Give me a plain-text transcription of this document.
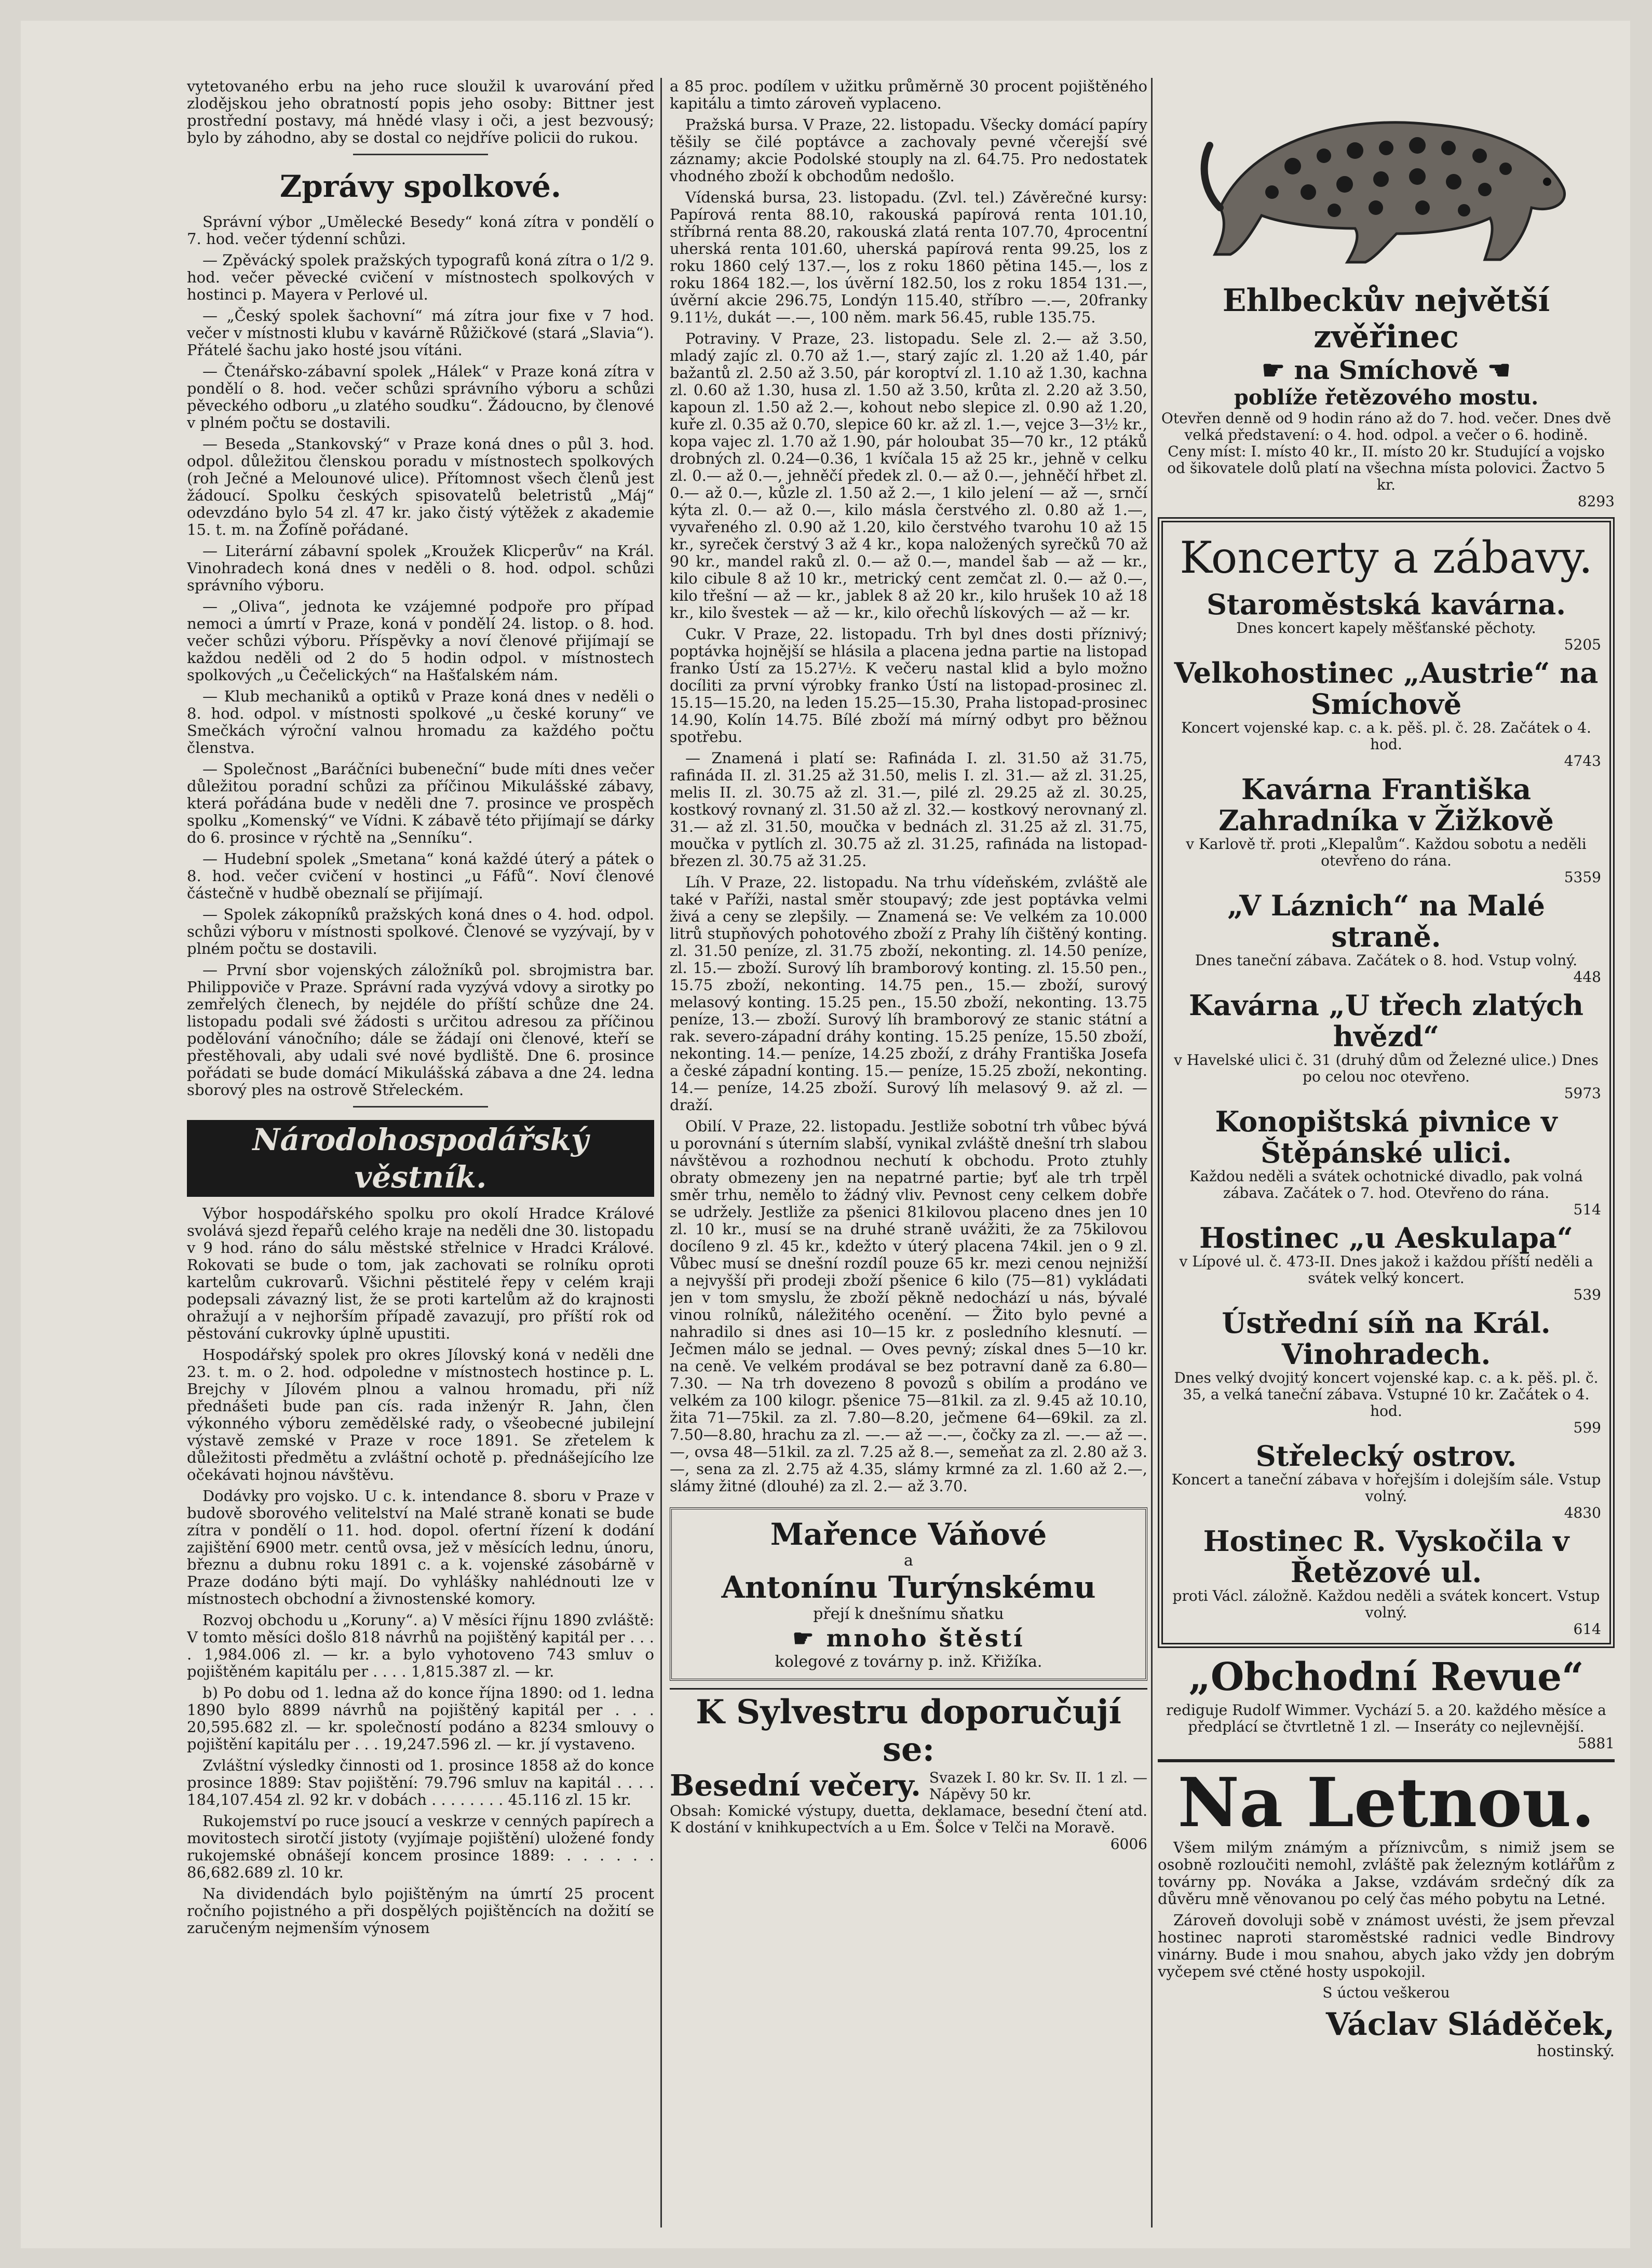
vytetovaného erbu na jeho ruce sloužil k uvarování před zlodějskou jeho obratností popis jeho osoby: Bittner jest prostřední postavy, má hnědé vlasy i oči, a jest bezvousý; bylo by záhodno, aby se dostal co nejdříve policii do rukou.

Zprávy spolkové.

Správní výbor „Umělecké Besedy“ koná zítra v pondělí o 7. hod. večer týdenní schůzi.

— Zpěvácký spolek pražských typografů koná zítra o 1/2 9. hod. večer pěvecké cvičení v místnostech spolkových v hostinci p. Mayera v Perlové ul.

— „Český spolek šachovní“ má zítra jour fixe v 7 hod. večer v místnosti klubu v kavárně Růžičkové (stará „Slavia“). Přátelé šachu jako hosté jsou vítáni.

— Čtenářsko-zábavní spolek „Hálek“ v Praze koná zítra v pondělí o 8. hod. večer schůzi správního výboru a schůzi pěveckého odboru „u zlatého soudku“. Žádoucno, by členové v plném počtu se dostavili.

— Beseda „Stankovský“ v Praze koná dnes o půl 3. hod. odpol. důležitou členskou poradu v místnostech spolkových (roh Ječné a Melounové ulice). Přítomnost všech členů jest žádoucí. Spolku českých spisovatelů beletristů „Máj“ odevzdáno bylo 54 zl. 47 kr. jako čistý výtěžek z akademie 15. t. m. na Žofíně pořádané.

— Literární zábavní spolek „Kroužek Klicperův“ na Král. Vinohradech koná dnes v neděli o 8. hod. odpol. schůzi správního výboru.

— „Oliva“, jednota ke vzájemné podpoře pro případ nemoci a úmrtí v Praze, koná v pondělí 24. listop. o 8. hod. večer schůzi výboru. Příspěvky a noví členové přijímají se každou neděli od 2 do 5 hodin odpol. v místnostech spolkových „u Čečelických“ na Hašťalském nám.

— Klub mechaniků a optiků v Praze koná dnes v neděli o 8. hod. odpol. v místnosti spolkové „u české koruny“ ve Smečkách výroční valnou hromadu za každého počtu členstva.

— Společnost „Baráčníci bubeneční“ bude míti dnes večer důležitou poradní schůzi za příčinou Mikulášské zábavy, která pořádána bude v neděli dne 7. prosince ve prospěch spolku „Komenský“ ve Vídni. K zábavě této přijímají se dárky do 6. prosince v rýchtě na „Senníku“.

— Hudební spolek „Smetana“ koná každé úterý a pátek o 8. hod. večer cvičení v hostinci „u Fáfů“. Noví členové částečně v hudbě obeznalí se přijímají.

— Spolek zákopníků pražských koná dnes o 4. hod. odpol. schůzi výboru v místnosti spolkové. Členové se vyzývají, by v plném počtu se dostavili.

— První sbor vojenských záložníků pol. sbrojmistra bar. Philippoviče v Praze. Správní rada vyzývá vdovy a sirotky po zemřelých členech, by nejdéle do příští schůze dne 24. listopadu podali své žádosti s určitou adresou za příčinou podělování vánočního; dále se žádají oni členové, kteří se přestěhovali, aby udali své nové bydliště. Dne 6. prosince pořádati se bude domácí Mikulášská zábava a dne 24. ledna sborový ples na ostrově Střeleckém.

Národohospodářský věstník.

Výbor hospodářského spolku pro okolí Hradce Králové svolává sjezd řepařů celého kraje na neděli dne 30. listopadu v 9 hod. ráno do sálu městské střelnice v Hradci Králové. Rokovati se bude o tom, jak zachovati se rolníku oproti kartelům cukrovarů. Všichni pěstitelé řepy v celém kraji podepsali závazný list, že se proti kartelům až do krajnosti ohražují a v nejhorším případě zavazují, pro příští rok od pěstování cukrovky úplně upustiti.

Hospodářský spolek pro okres Jílovský koná v neděli dne 23. t. m. o 2. hod. odpoledne v místnostech hostince p. L. Brejchy v Jílovém plnou a valnou hromadu, při níž přednášeti bude pan cís. rada inženýr R. Jahn, člen výkonného výboru zemědělské rady, o všeobecné jubilejní výstavě zemské v Praze v roce 1891. Se zřetelem k důležitosti předmětu a zvláštní ochotě p. přednášejícího lze očekávati hojnou návštěvu.

Dodávky pro vojsko. U c. k. intendance 8. sboru v Praze v budově sborového velitelství na Malé straně konati se bude zítra v pondělí o 11. hod. dopol. ofertní řízení k dodání zajištění 6900 metr. centů ovsa, jež v měsících lednu, únoru, březnu a dubnu roku 1891 c. a k. vojenské zásobárně v Praze dodáno býti mají. Do vyhlášky nahlédnouti lze v místnostech obchodní a živnostenské komory.

Rozvoj obchodu u „Koruny“. a) V měsíci říjnu 1890 zvláště: V tomto měsíci došlo 818 návrhů na pojištěný kapitál per . . . . 1,984.006 zl. — kr. a bylo vyhotoveno 743 smluv o pojištěném kapitálu per . . . . 1,815.387 zl. — kr.

b) Po dobu od 1. ledna až do konce října 1890: od 1. ledna 1890 bylo 8899 návrhů na pojištěný kapitál per . . . 20,595.682 zl. — kr. společností podáno a 8234 smlouvy o pojištění kapitálu per . . . 19,247.596 zl. — kr. jí vystaveno.

Zvláštní výsledky činnosti od 1. prosince 1858 až do konce prosince 1889: Stav pojištění: 79.796 smluv na kapitál . . . . 184,107.454 zl. 92 kr. v dobách . . . . . . . . 45.116 zl. 15 kr.

Rukojemství po ruce jsoucí a veskrze v cenných papírech a movitostech sirotčí jistoty (vyjímaje pojištění) uložené fondy rukojemské obnášejí koncem prosince 1889: . . . . . . 86,682.689 zl. 10 kr.

Na dividendách bylo pojištěným na úmrtí 25 procent ročního pojistného a při dospělých pojištěncích na dožití se zaručeným nejmenším výnosem

a 85 proc. podílem v užitku průměrně 30 procent pojištěného kapitálu a timto zároveň vyplaceno.

Pražská bursa. V Praze, 22. listopadu. Všecky domácí papíry těšily se čilé poptávce a zachovaly pevné včerejší své záznamy; akcie Podolské stouply na zl. 64.75. Pro nedostatek vhodného zboží k obchodům nedošlo.

Vídenská bursa, 23. listopadu. (Zvl. tel.) Závěrečné kursy: Papírová renta 88.10, rakouská papírová renta 101.10, stříbrná renta 88.20, rakouská zlatá renta 107.70, 4procentní uherská renta 101.60, uherská papírová renta 99.25, los z roku 1860 celý 137.—, los z roku 1860 pětina 145.—, los z roku 1864 182.—, los úvěrní 182.50, los z roku 1854 131.—, úvěrní akcie 296.75, Londýn 115.40, stříbro —.—, 20franky 9.11½, dukát —.—, 100 něm. mark 56.45, ruble 135.75.

Potraviny. V Praze, 23. listopadu. Sele zl. 2.— až 3.50, mladý zajíc zl. 0.70 až 1.—, starý zajíc zl. 1.20 až 1.40, pár bažantů zl. 2.50 až 3.50, pár koroptví zl. 1.10 až 1.30, kachna zl. 0.60 až 1.30, husa zl. 1.50 až 3.50, krůta zl. 2.20 až 3.50, kapoun zl. 1.50 až 2.—, kohout nebo slepice zl. 0.90 až 1.20, kuře zl. 0.35 až 0.70, slepice 60 kr. až zl. 1.—, vejce 3—3½ kr., kopa vajec zl. 1.70 až 1.90, pár holoubat 35—70 kr., 12 ptáků drobných zl. 0.24—0.36, 1 kvíčala 15 až 25 kr., jehně v celku zl. 0.— až 0.—, jehněčí předek zl. 0.— až 0.—, jehněčí hřbet zl. 0.— až 0.—, kůzle zl. 1.50 až 2.—, 1 kilo jelení — až —, srnčí kýta zl. 0.— až 0.—, kilo másla čerstvého zl. 0.80 až 1.—, vyvařeného zl. 0.90 až 1.20, kilo čerstvého tvarohu 10 až 15 kr., syreček čerstvý 3 až 4 kr., kopa naložených syrečků 70 až 90 kr., mandel raků zl. 0.— až 0.—, mandel šab — až — kr., kilo cibule 8 až 10 kr., metrický cent zemčat zl. 0.— až 0.—, kilo třešní — až — kr., jablek 8 až 20 kr., kilo hrušek 10 až 18 kr., kilo švestek — až — kr., kilo ořechů lískových — až — kr.

Cukr. V Praze, 22. listopadu. Trh byl dnes dosti příznivý; poptávka hojnější se hlásila a placena jedna partie na listopad franko Ústí za 15.27½. K večeru nastal klid a bylo možno docíliti za první výrobky franko Ústí na listopad-prosinec zl. 15.15—15.20, na leden 15.25—15.30, Praha listopad-prosinec 14.90, Kolín 14.75. Bílé zboží má mírný odbyt pro běžnou spotřebu.

— Znamená i platí se: Rafináda I. zl. 31.50 až 31.75, rafináda II. zl. 31.25 až 31.50, melis I. zl. 31.— až zl. 31.25, melis II. zl. 30.75 až zl. 31.—, pilé zl. 29.25 až zl. 30.25, kostkový rovnaný zl. 31.50 až zl. 32.— kostkový nerovnaný zl. 31.— až zl. 31.50, moučka v bednách zl. 31.25 až zl. 31.75, moučka v pytlích zl. 30.75 až zl. 31.25, rafináda na listopad-březen zl. 30.75 až 31.25.

Líh. V Praze, 22. listopadu. Na trhu vídeňském, zvláště ale také v Paříži, nastal směr stoupavý; zde jest poptávka velmi živá a ceny se zlepšily. — Znamená se: Ve velkém za 10.000 litrů stupňových pohotového zboží z Prahy líh čištěný konting. zl. 31.50 peníze, zl. 31.75 zboží, nekonting. zl. 14.50 peníze, zl. 15.— zboží. Surový líh bramborový konting. zl. 15.50 pen., 15.75 zboží, nekonting. 14.75 pen., 15.— zboží, surový melasový konting. 15.25 pen., 15.50 zboží, nekonting. 13.75 peníze, 13.— zboží. Surový líh bramborový ze stanic státní a rak. severo-západní dráhy konting. 15.25 peníze, 15.50 zboží, nekonting. 14.— peníze, 14.25 zboží, z dráhy Františka Josefa a české západní konting. 15.— peníze, 15.25 zboží, nekonting. 14.— peníze, 14.25 zboží. Surový líh melasový 9. až zl. — draží.

Obilí. V Praze, 22. listopadu. Jestliže sobotní trh vůbec bývá u porovnání s úterním slabší, vynikal zvláště dnešní trh slabou návštěvou a rozhodnou nechutí k obchodu. Proto ztuhly obraty obmezeny jen na nepatrné partie; byť ale trh trpěl směr trhu, nemělo to žádný vliv. Pevnost ceny celkem dobře se udržely. Jestliže za pšenici 81kilovou placeno dnes jen 10 zl. 10 kr., musí se na druhé straně uvážiti, že za 75kilovou docíleno 9 zl. 45 kr., kdežto v úterý placena 74kil. jen o 9 zl. Vůbec musí se dnešní rozdíl pouze 65 kr. mezi cenou nejnižší a nejvyšší při prodeji zboží pšenice 6 kilo (75—81) vykládati jen v tom smyslu, že zboží pěkně nedochází u nás, bývalé vinou rolníků, náležitého ocenění. — Žito bylo pevné a nahradilo si dnes asi 10—15 kr. z posledního klesnutí. — Ječmen málo se jednal. — Oves pevný; získal dnes 5—10 kr. na ceně. Ve velkém prodával se bez potravní daně za 6.80—7.30. — Na trh dovezeno 8 povozů s obilím a prodáno ve velkém za 100 kilogr. pšenice 75—81kil. za zl. 9.45 až 10.10, žita 71—75kil. za zl. 7.80—8.20, ječmene 64—69kil. za zl. 7.50—8.80, hrachu za zl. —.— až —.—, čočky za zl. —.— až —.—, ovsa 48—51kil. za zl. 7.25 až 8.—, semeňat za zl. 2.80 až 3.—, sena za zl. 2.75 až 4.35, slámy krmné za zl. 1.60 až 2.—, slámy žitné (dlouhé) za zl. 2.— až 3.70.

Mařence Váňové
a
Antonínu Turýnskému
přejí k dnešnímu sňatku
☛ mnoho štěstí
kolegové z továrny p. inž. Křižíka.
K Sylvestru doporučují se:
Besední večery. Svazek I. 80 kr. Sv. II. 1 zl. — Nápěvy 50 kr.
Obsah: Komické výstupy, duetta, deklamace, besední čtení atd. K dostání v knihkupectvích a u Em. Šolce v Telči na Moravě.
6006
Ehlbeckův největší zvěřinec
☛ na Smíchově ☚
poblíže řetězového mostu.
Otevřen denně od 9 hodin ráno až do 7. hod. večer. Dnes dvě velká představení: o 4. hod. odpol. a večer o 6. hodině.
Ceny míst: I. místo 40 kr., II. místo 20 kr. Studující a vojsko od šikovatele dolů platí na všechna místa polovici. Žactvo 5 kr.
8293
Koncerty a zábavy.
Staroměstská kavárna.
Dnes koncert kapely měšťanské pěchoty.
5205
Velkohostinec „Austrie“ na Smíchově
Koncert vojenské kap. c. a k. pěš. pl. č. 28. Začátek o 4. hod.
4743
Kavárna Františka Zahradníka v Žižkově
v Karlově tř. proti „Klepalům“. Každou sobotu a neděli otevřeno do rána.
5359
„V Láznich“ na Malé straně.
Dnes taneční zábava. Začátek o 8. hod. Vstup volný.
448
Kavárna „U třech zlatých hvězd“
v Havelské ulici č. 31 (druhý dům od Železné ulice.) Dnes po celou noc otevřeno.
5973
Konopištská pivnice v Štěpánské ulici.
Každou neděli a svátek ochotnické divadlo, pak volná zábava. Začátek o 7. hod. Otevřeno do rána.
514
Hostinec „u Aeskulapa“
v Lípové ul. č. 473-II. Dnes jakož i každou příští neděli a svátek velký koncert.
539
Ústřední síň na Král. Vinohradech.
Dnes velký dvojitý koncert vojenské kap. c. a k. pěš. pl. č. 35, a velká taneční zábava. Vstupné 10 kr. Začátek o 4. hod.
599
Střelecký ostrov.
Koncert a taneční zábava v hořejším i dolejším sále. Vstup volný.
4830
Hostinec R. Vyskočila v Řetězové ul.
proti Václ. záložně. Každou neděli a svátek koncert. Vstup volný.
614
„Obchodní Revue“
rediguje Rudolf Wimmer. Vychází 5. a 20. každého měsíce a předplácí se čtvrtletně 1 zl. — Inseráty co nejlevnější.
5881
Na Letnou.

Všem milým známým a příznivcům, s nimiž jsem se osobně rozloučiti nemohl, zvláště pak železným kotlářům z továrny pp. Nováka a Jakse, vzdávám srdečný dík za důvěru mně věnovanou po celý čas mého pobytu na Letné.

Zároveň dovoluji sobě v známost uvésti, že jsem převzal hostinec naproti staroměstské radnici vedle Bindrovy vinárny. Bude i mou snahou, abych jako vždy jen dobrým vyčepem své ctěné hosty uspokojil.

S úctou veškerou
Václav Sláděček,
hostinský.
